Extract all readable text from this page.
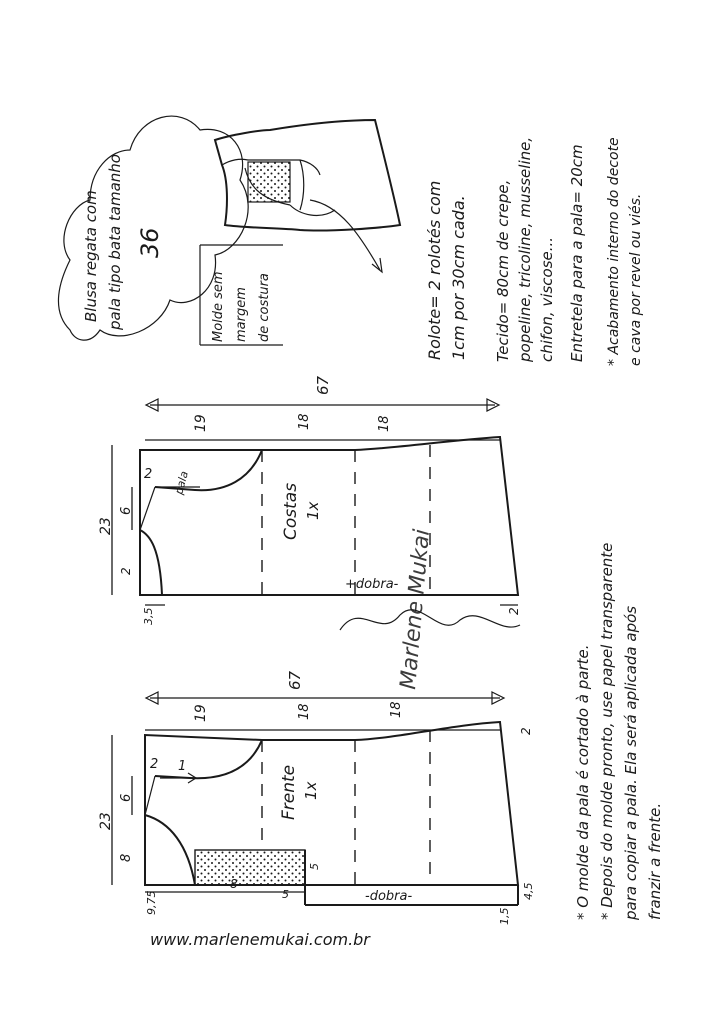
Blusa regata com pala tipo bata tamanho 36
Molde sem margem de costura	Rolote= 2 rolotés com 1cm por 30cm cada. Tecido= 80cm de crepe, popeline, tricoline, musseline, chifon, viscose... Entretela para a pala= 20cm * Acabamento interno do decote e cava por revel ou viés.
67
19	18	18
pala
+dobra-
Costas 1x
23
6
2
2
3,5	2
Marlene Mukai
67
19	18	18
1
-dobra-
Frente 1x
23
6
2
8
9,75
8
5
5
1,5
4,5
2	* O molde da pala é cortado à parte. * Depois do molde pronto, use papel transparente para copiar a pala. Ela será aplicada após franzir a frente.
www.marlenemukai.com.br
